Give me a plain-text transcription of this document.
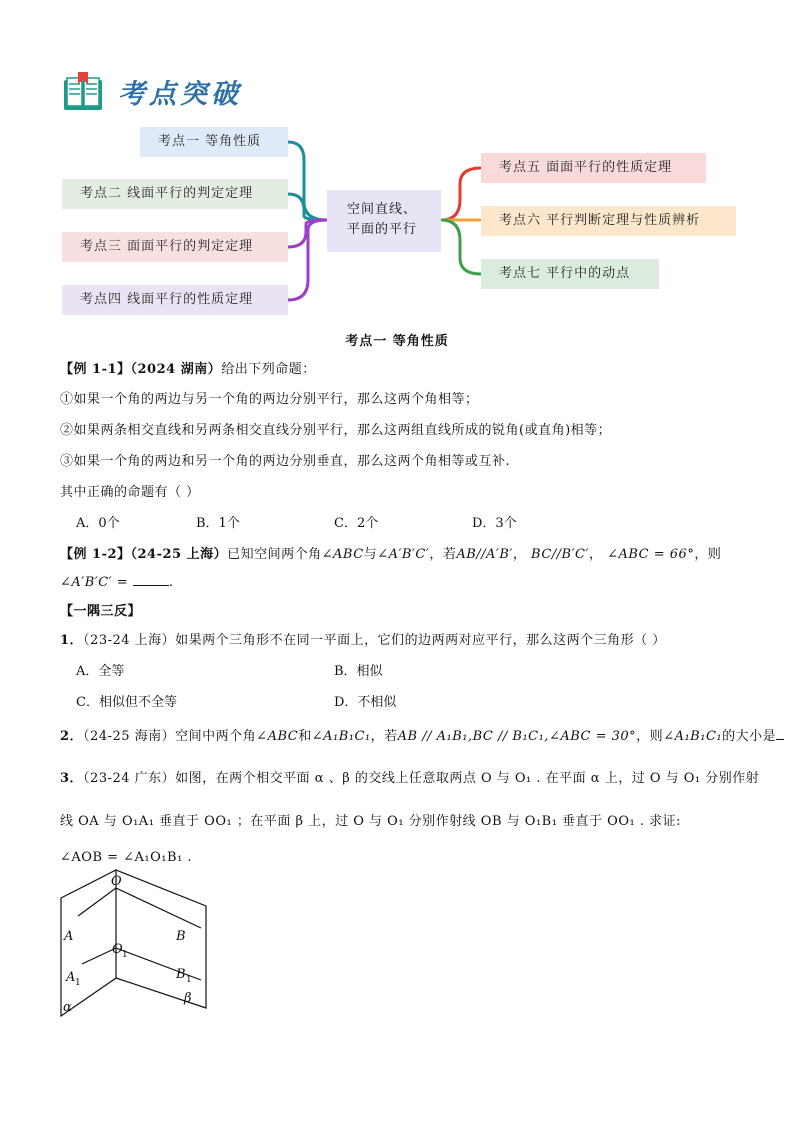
考点突破
考点一 等角性质
考点二 线面平行的判定定理
考点三 面面平行的判定定理
考点四 线面平行的性质定理
空间直线、
平面的平行
考点五 面面平行的性质定理
考点六 平行判断定理与性质辨析
考点七 平行中的动点
考点一 等角性质
【例 1-1】（2024 湖南）给出下列命题：
①如果一个角的两边与另一个角的两边分别平行，那么这两个角相等；
②如果两条相交直线和另两条相交直线分别平行，那么这两组直线所成的锐角(或直角)相等；
③如果一个角的两边和另一个角的两边分别垂直，那么这两个角相等或互补.
其中正确的命题有（ ）
A．0个	B．1个	C．2个	D．3个
【例 1-2】（24-25 上海）已知空间两个角∠ABC与∠A′B′C′，若AB//A′B′， BC//B′C′， ∠ABC = 66°，则
∠A′B′C′ =	.
【一隅三反】
1．（23-24 上海）如果两个三角形不在同一平面上，它们的边两两对应平行，那么这两个三角形（ ）
A．全等	B．相似
C．相似但不全等	D．不相似
2．（24-25 海南）空间中两个角∠ABC和∠A₁B₁C₁，若AB // A₁B₁,BC // B₁C₁,∠ABC = 30°，则∠A₁B₁C₁的大小是
3．（23-24 广东）如图，在两个相交平面 α 、β 的交线上任意取两点 O 与 O₁ . 在平面 α 上，过 O 与 O₁ 分别作射
线 OA 与 O₁A₁ 垂直于 OO₁ ；在平面 β 上，过 O 与 O₁ 分别作射线 OB 与 O₁B₁ 垂直于 OO₁ . 求证:
∠AOB = ∠A₁O₁B₁ .
O
A	B
O 1
A 1
B 1
α
β
